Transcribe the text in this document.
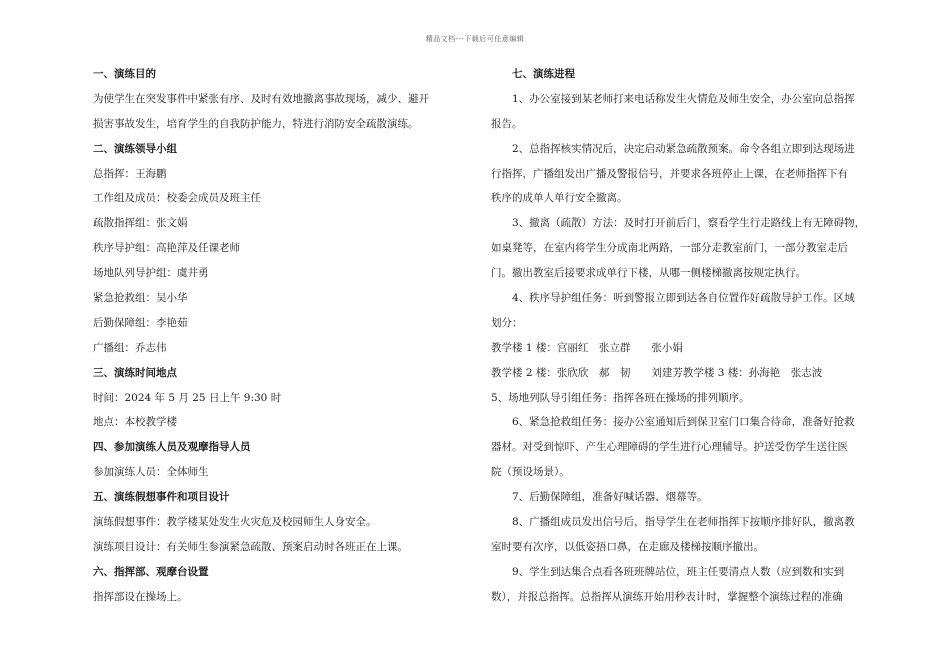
精品文档---下载后可任意编辑
一、演练目的
为使学生在突发事件中紧张有序、及时有效地撤离事故现场，减少、避开
损害事故发生，培育学生的自我防护能力，特进行消防安全疏散演练。
二、演练领导小组
总指挥：王海鹏
工作组及成员：校委会成员及班主任
疏散指挥组：张文娟
秩序导护组：高艳萍及任课老师
场地队列导护组：虞井勇
紧急抢救组：吴小华
后勤保障组：李艳茹
广播组：乔志伟
三、演练时间地点
时间：2024 年 5 月 25 日上午 9:30 时
地点：本校教学楼
四、参加演练人员及观摩指导人员
参加演练人员：全体师生
五、演练假想事件和项目设计
演练假想事件：教学楼某处发生火灾危及校园师生人身安全。
演练项目设计：有关师生参演紧急疏散、预案启动时各班正在上课。
六、指挥部、观摩台设置
指挥部设在操场上。
七、演练进程
1、办公室接到某老师打来电话称发生火情危及师生安全，办公室向总指挥
报告。
2、总指挥核实情况后，决定启动紧急疏散预案。命令各组立即到达现场进
行指挥，广播组发出广播及警报信号，并要求各班停止上课，在老师指挥下有
秩序的成单人单行安全撤离。
3、撤离（疏散）方法：及时打开前后门，察看学生行走路线上有无障碍物，
如桌凳等，在室内将学生分成南北两路，一部分走教室前门，一部分教室走后
门。撤出教室后接要求成单行下楼，从哪一侧楼梯撤离按规定执行。
4、秩序导护组任务：听到警报立即到达各自位置作好疏散导护工作。区域
划分：
教学楼 1 楼：宫丽红　张立群　　张小娟
教学楼 2 楼：张欣欣　郝　韧　　刘建芳教学楼 3 楼：孙海艳　张志波
5、场地列队导引组任务：指挥各班在操场的排列顺序。
6、紧急抢救组任务：接办公室通知后到保卫室门口集合待命，准备好抢救
器材。对受到惊吓、产生心理障碍的学生进行心理辅导。护送受伤学生送往医
院（预设场景）。
7、后勤保障组，准备好喊话器、烟幕等。
8、广播组成员发出信号后，指导学生在老师指挥下按顺序排好队，撤离教
室时要有次序，以低姿捂口鼻，在走廊及楼梯按顺序撤出。
9、学生到达集合点看各班班牌站位，班主任要清点人数（应到数和实到
数），并报总指挥。总指挥从演练开始用秒表计时，掌握整个演练过程的准确
